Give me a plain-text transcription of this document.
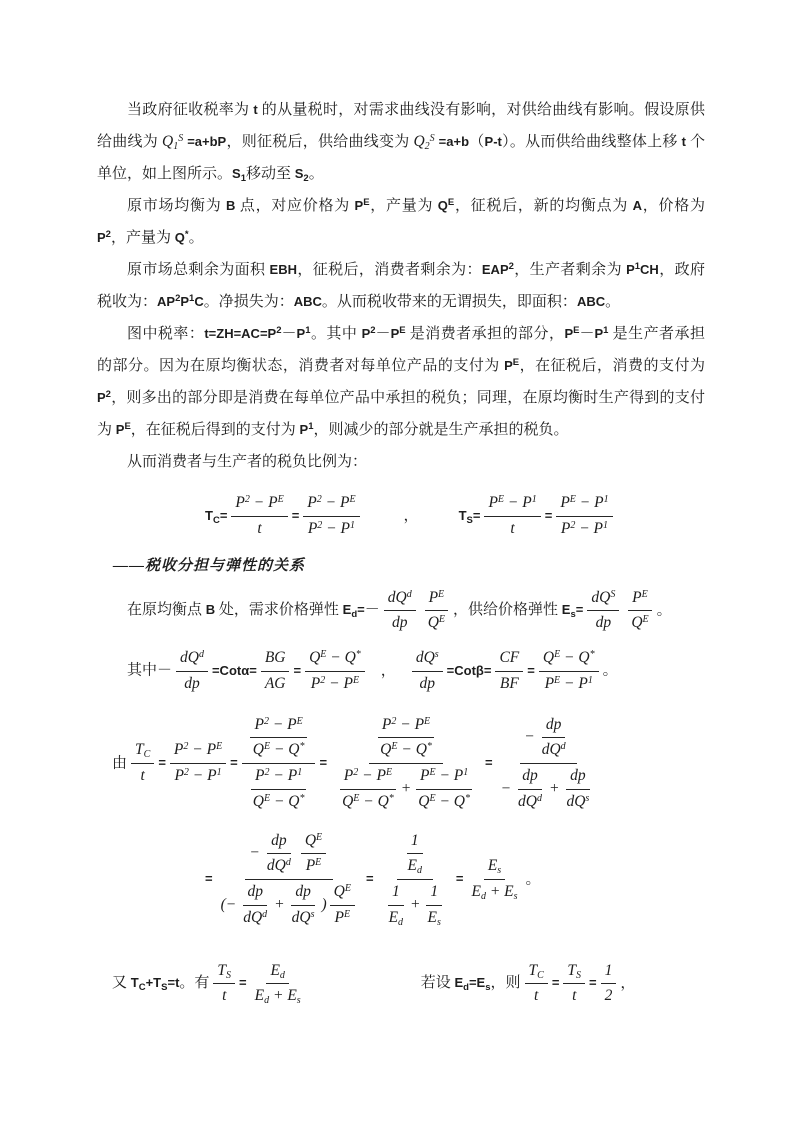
当政府征收税率为 t 的从量税时，对需求曲线没有影响，对供给曲线有影响。假设原供给曲线为 $Q_1^S =a+bP$，则征税后，供给曲线变为 $Q_2^S =a+b(P-t)$。从而供给曲线整体上移 t 个单位，如上图所示。$S_1$移动至 $S_2$。

原市场均衡为 B 点，对应价格为 $P^E$，产量为 $Q^E$，征税后，新的均衡点为 A，价格为 $P^2$，产量为 Q*。

原市场总剩余为面积 EBH，征税后，消费者剩余为：EAP$^2$，生产者剩余为 $P^1CH$，政府税收为：$AP^2P^1C$。净损失为：ABC。从而税收带来的无谓损失，即面积：ABC。

图中税率：$t=ZH=AC=P^2-P^1$。其中 $P^2-P^E$ 是消费者承担的部分，$P^E-P^1$ 是生产者承担的部分。因为在原均衡状态，消费者对每单位产品的支付为 $P^E$，在征税后，消费的支付为 $P^2$，则多出的部分即是消费在每单位产品中承担的税负；同理，在原均衡时生产得到的支付为 $P^E$，在征税后得到的支付为 $P^1$，则减少的部分就是生产承担的税负。

从而消费者与生产者的税负比例为：

$T_C= \frac{P^2 - P^E}{t} = \frac{P^2 - P^E}{P^2 - P^1}$	，	$T_S= \frac{P^E - P^1}{t} = \frac{P^E - P^1}{P^2 - P^1}$

——税收分担与弹性的关系

在原均衡点 B 处，需求价格弹性 $E_d=- \frac{dQ^d}{dp} \frac{P^E}{Q^E}$ ，供给价格弹性 $E_s= \frac{dQ^S}{dp} \frac{P^E}{Q^E}$ 。

其中－ $\frac{dQ^d}{dp} =Cot\alpha= \frac{BG}{AG} = \frac{Q^E - Q^*}{P^2 - P^E}$ ， $\frac{dQ^s}{dp} =Cot\beta= \frac{CF}{BF} = \frac{Q^E - Q^*}{P^E - P^1}$ 。

由 $\frac{T_C}{t} = \frac{P^2 - P^E}{P^2 - P^1} = \frac{\frac{P^2 - P^E}{Q^E - Q^*}}{\frac{P^2 - P^1}{Q^E - Q^*}} = \frac{\frac{P^2 - P^E}{Q^E - Q^*}}{\frac{P^2 - P^E}{Q^E - Q^*} + \frac{P^E - P^1}{Q^E - Q^*}} = \frac{- \frac{dp}{dQ^d}}{- \frac{dp}{dQ^d} + \frac{dp}{dQ^s}}$

= $\frac{- \frac{dp}{dQ^d} \frac{Q^E}{P^E}}{(- \frac{dp}{dQ^d} + \frac{dp}{dQ^s} ) \frac{Q^E}{P^E}} = \frac{\frac{1}{E_d}}{\frac{1}{E_d} + \frac{1}{E_s}} = \frac{E_s}{E_d + E_s}$ 。

又 $T_C+T_S=t$。有 $\frac{T_S}{t} = \frac{E_d}{E_d + E_s}$	若设 $E_d=E_s$，则 $\frac{T_C}{t} = \frac{T_S}{t} = \frac{1}{2}$ ，
